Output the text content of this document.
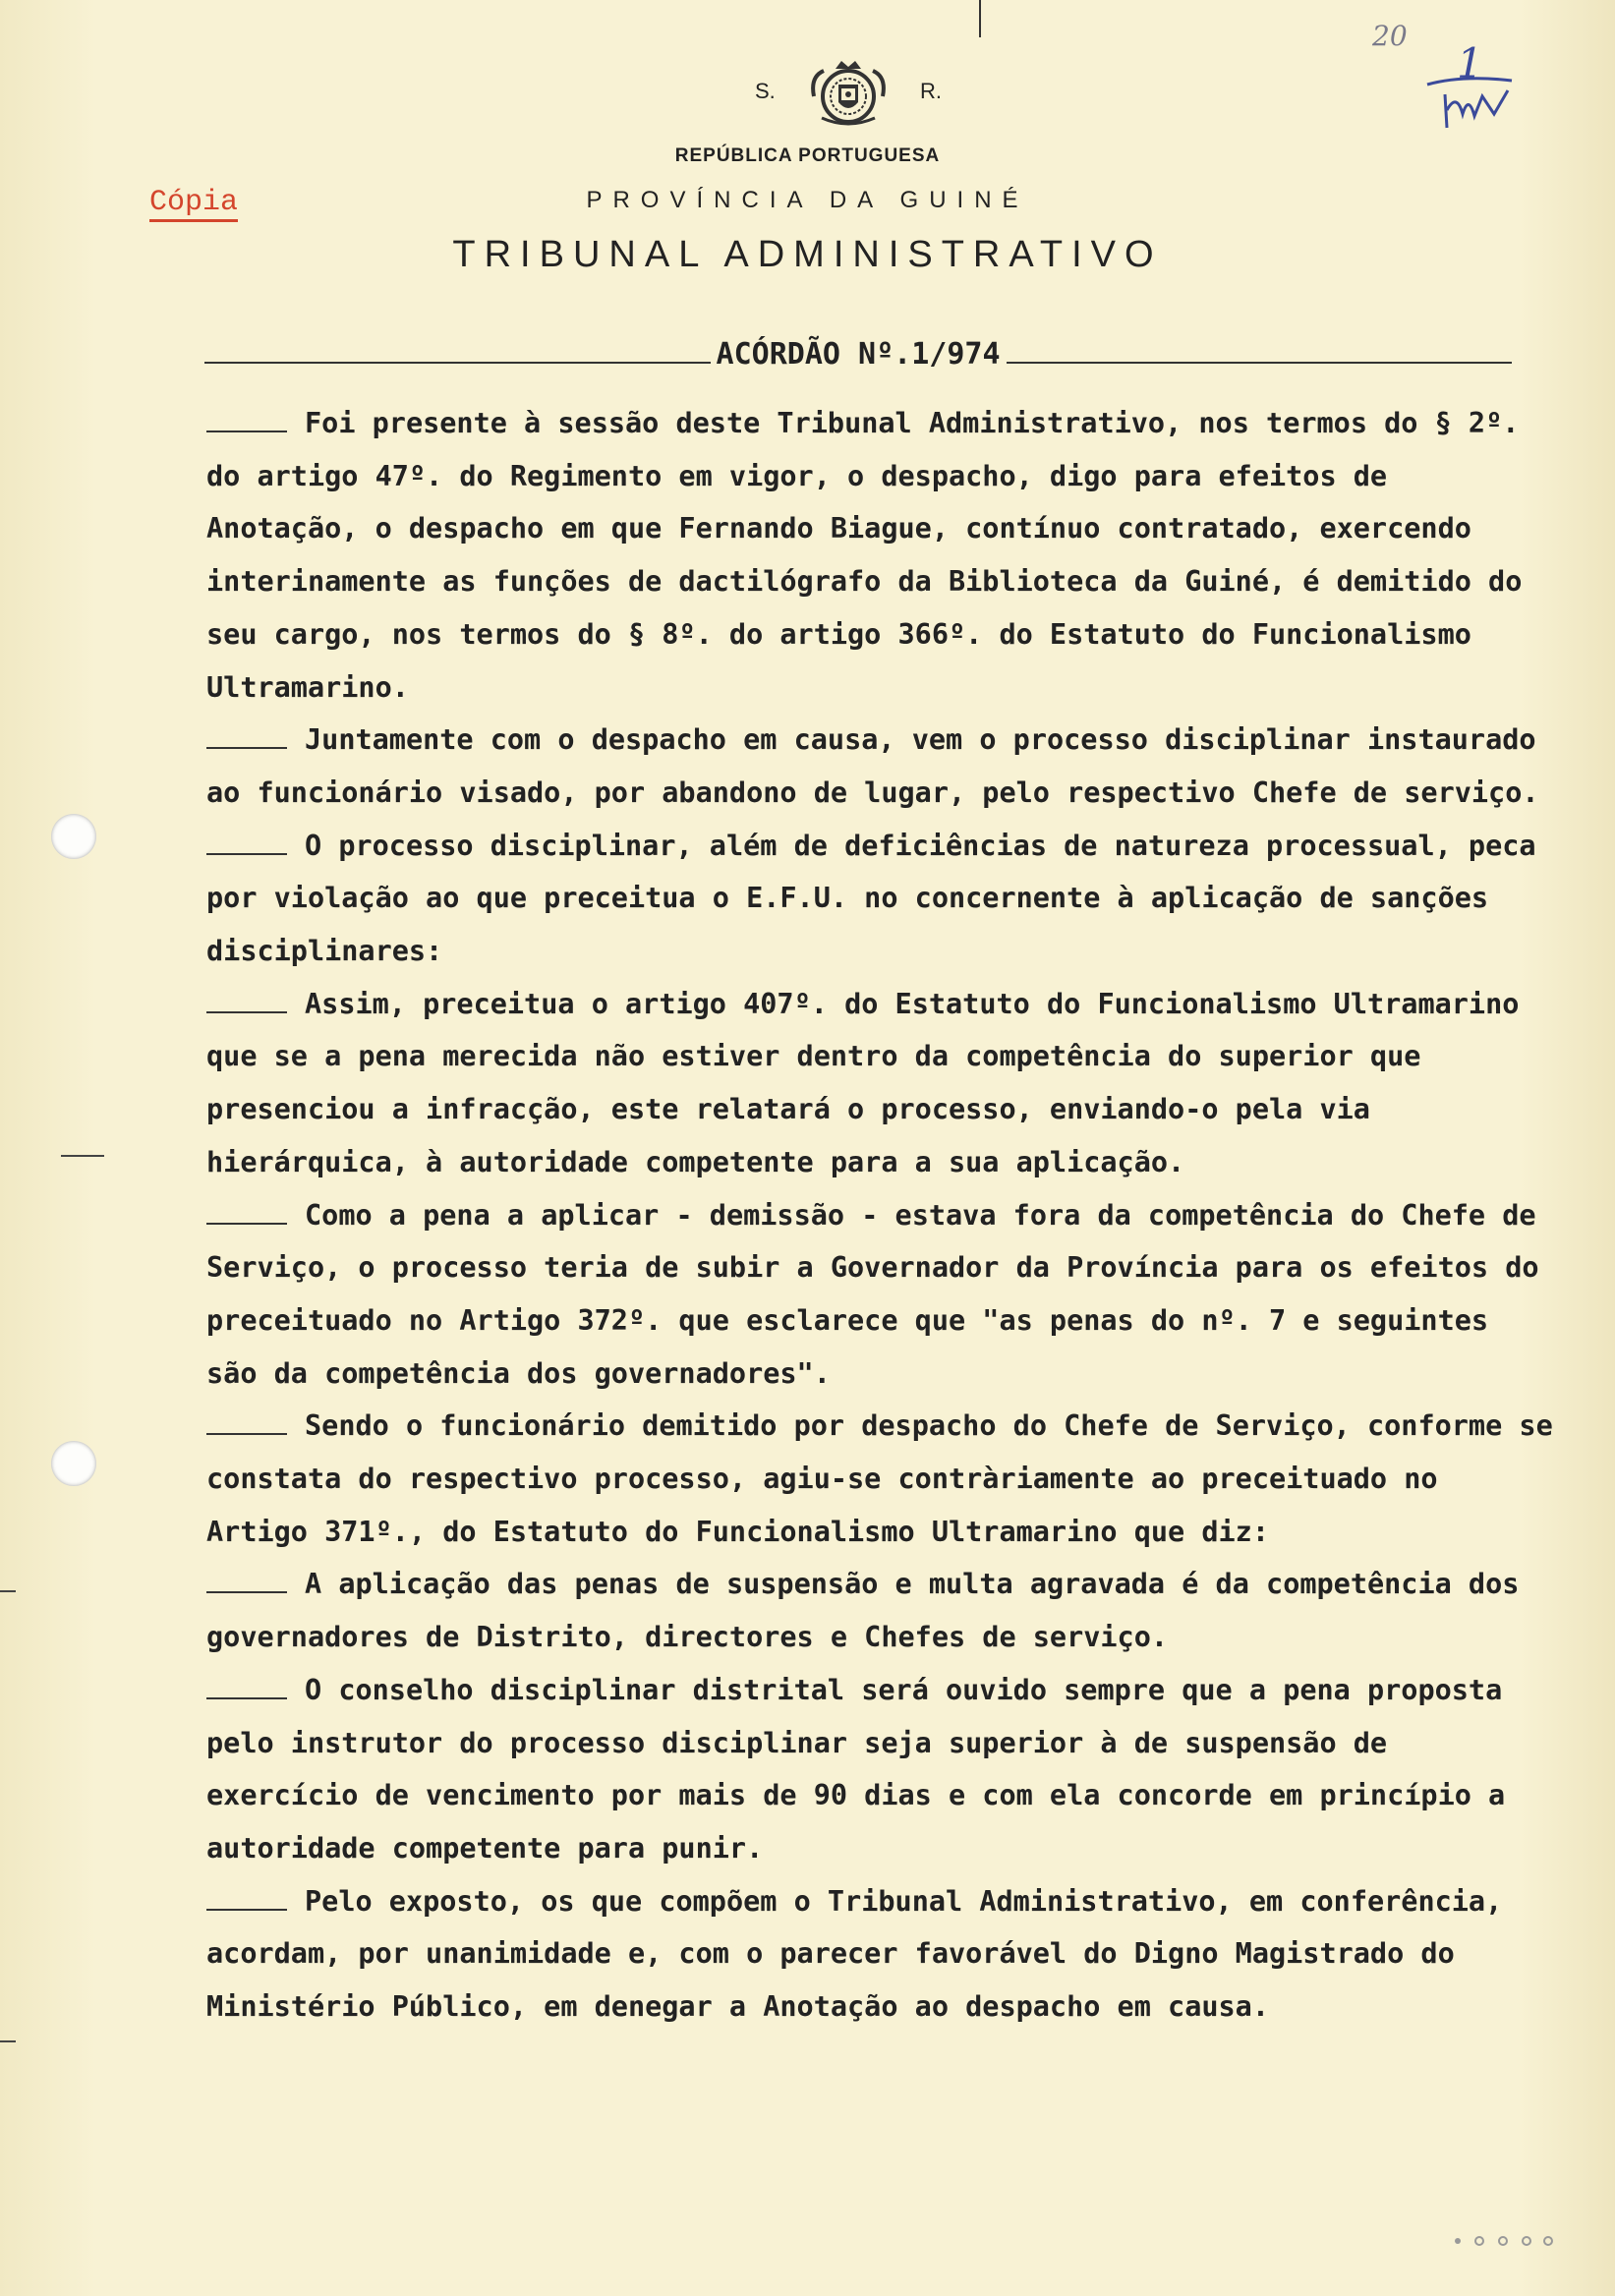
20
1
Cópia
S.	R.
REPÚBLICA PORTUGUESA
PROVÍNCIA DA GUINÉ
TRIBUNAL ADMINISTRATIVO
ACÓRDÃO Nº.1/974

Foi presente à sessão deste Tribunal Administrativo, nos termos do § 2º. do artigo 47º. do Regimento em vigor, o despacho, digo para efeitos de Anotação, o despacho em que Fernando Biague, contínuo contratado, exercendo interinamente as funções de dactilógrafo da Biblioteca da Guiné, é demitido do seu cargo, nos termos do § 8º. do artigo 366º. do Estatuto do Funcionalismo Ultramarino.

Juntamente com o despacho em causa, vem o processo disciplinar instaurado ao funcionário visado, por abandono de lugar, pelo respectivo Chefe de serviço.

O processo disciplinar, além de deficiências de natureza processual, peca por violação ao que preceitua o E.F.U. no concernente à aplicação de sanções disciplinares:

Assim, preceitua o artigo 407º. do Estatuto do Funcionalismo Ultramarino que se a pena merecida não estiver dentro da competência do superior que presenciou a infracção, este relatará o processo, enviando-o pela via hierárquica, à autoridade competente para a sua aplicação.

Como a pena a aplicar - demissão - estava fora da competência do Chefe de Serviço, o processo teria de subir a Governador da Província para os efeitos do preceituado no Artigo 372º. que esclarece que "as penas do nº. 7 e seguintes são da competência dos governadores".

Sendo o funcionário demitido por despacho do Chefe de Serviço, conforme se constata do respectivo processo, agiu-se contràriamente ao preceituado no Artigo 371º., do Estatuto do Funcionalismo Ultramarino que diz:

A aplicação das penas de suspensão e multa agravada é da competência dos governadores de Distrito, directores e Chefes de serviço.

O conselho disciplinar distrital será ouvido sempre que a pena proposta pelo instrutor do processo disciplinar seja superior à de suspensão de exercício de vencimento por mais de 90 dias e com ela concorde em princípio a autoridade competente para punir.

Pelo exposto, os que compõem o Tribunal Administrativo, em conferência, acordam, por unanimidade e, com o parecer favorável do Digno Magistrado do Ministério Público, em denegar a Anotação ao despacho em causa.
